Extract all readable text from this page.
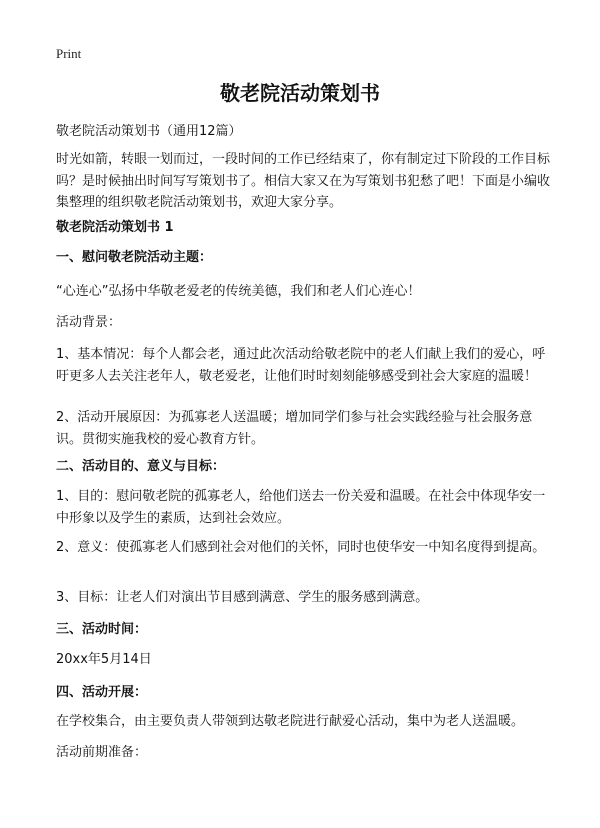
Print
敬老院活动策划书
敬老院活动策划书（通用12篇）
时光如箭，转眼一划而过，一段时间的工作已经结束了，你有制定过下阶段的工作目标吗？是时候抽出时间写写策划书了。相信大家又在为写策划书犯愁了吧！下面是小编收集整理的组织敬老院活动策划书，欢迎大家分享。
敬老院活动策划书 1
一、慰问敬老院活动主题：
“心连心”弘扬中华敬老爱老的传统美德，我们和老人们心连心！
活动背景：
1、基本情况：每个人都会老，通过此次活动给敬老院中的老人们献上我们的爱心，呼吁更多人去关注老年人，敬老爱老，让他们时时刻刻能够感受到社会大家庭的温暖！
2、活动开展原因：为孤寡老人送温暖；增加同学们参与社会实践经验与社会服务意识。贯彻实施我校的爱心教育方针。
二、活动目的、意义与目标：
1、目的：慰问敬老院的孤寡老人，给他们送去一份关爱和温暖。在社会中体现华安一中形象以及学生的素质，达到社会效应。
2、意义：使孤寡老人们感到社会对他们的关怀，同时也使华安一中知名度得到提高。
3、目标：让老人们对演出节目感到满意、学生的服务感到满意。
三、活动时间：
20xx年5月14日
四、活动开展：
在学校集合，由主要负责人带领到达敬老院进行献爱心活动，集中为老人送温暖。
活动前期准备：
